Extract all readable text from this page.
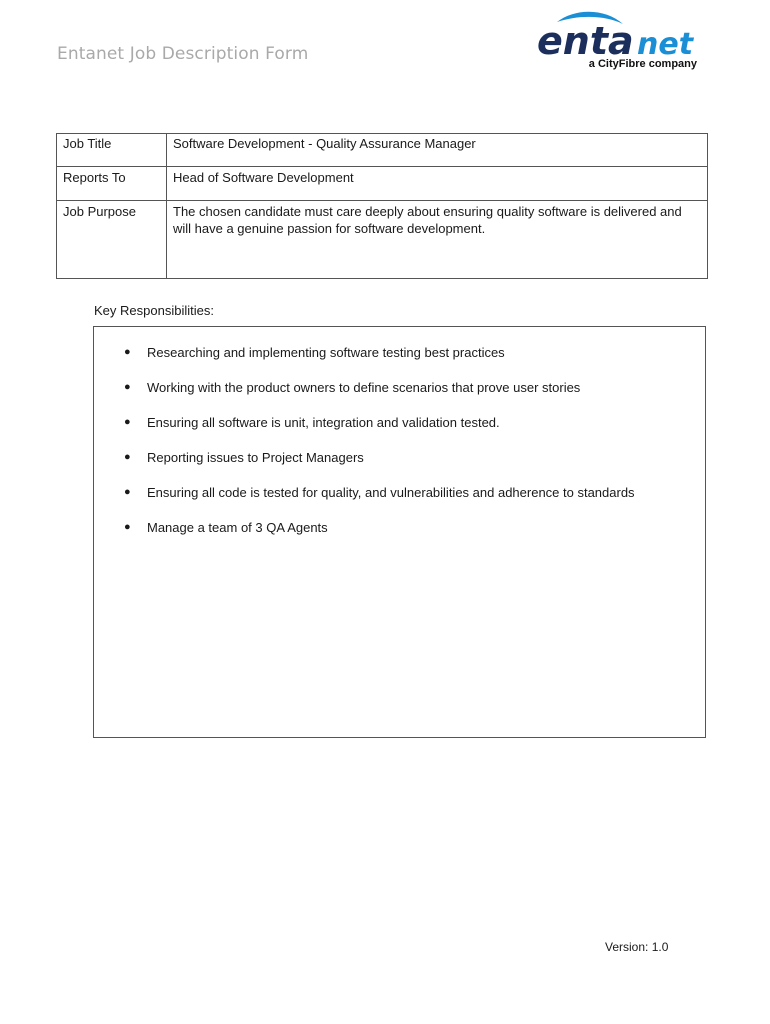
Entanet Job Description Form	enta net
a CityFibre company
Job Title	Software Development - Quality Assurance Manager
Reports To	Head of Software Development
Job Purpose	The chosen candidate must care deeply about ensuring quality software is delivered and will have a genuine passion for software development.
Key Responsibilities:
● Researching and implementing software testing best practices
● Working with the product owners to define scenarios that prove user stories
● Ensuring all software is unit, integration and validation tested.
● Reporting issues to Project Managers
● Ensuring all code is tested for quality, and vulnerabilities and adherence to standards
● Manage a team of 3 QA Agents
Version: 1.0
